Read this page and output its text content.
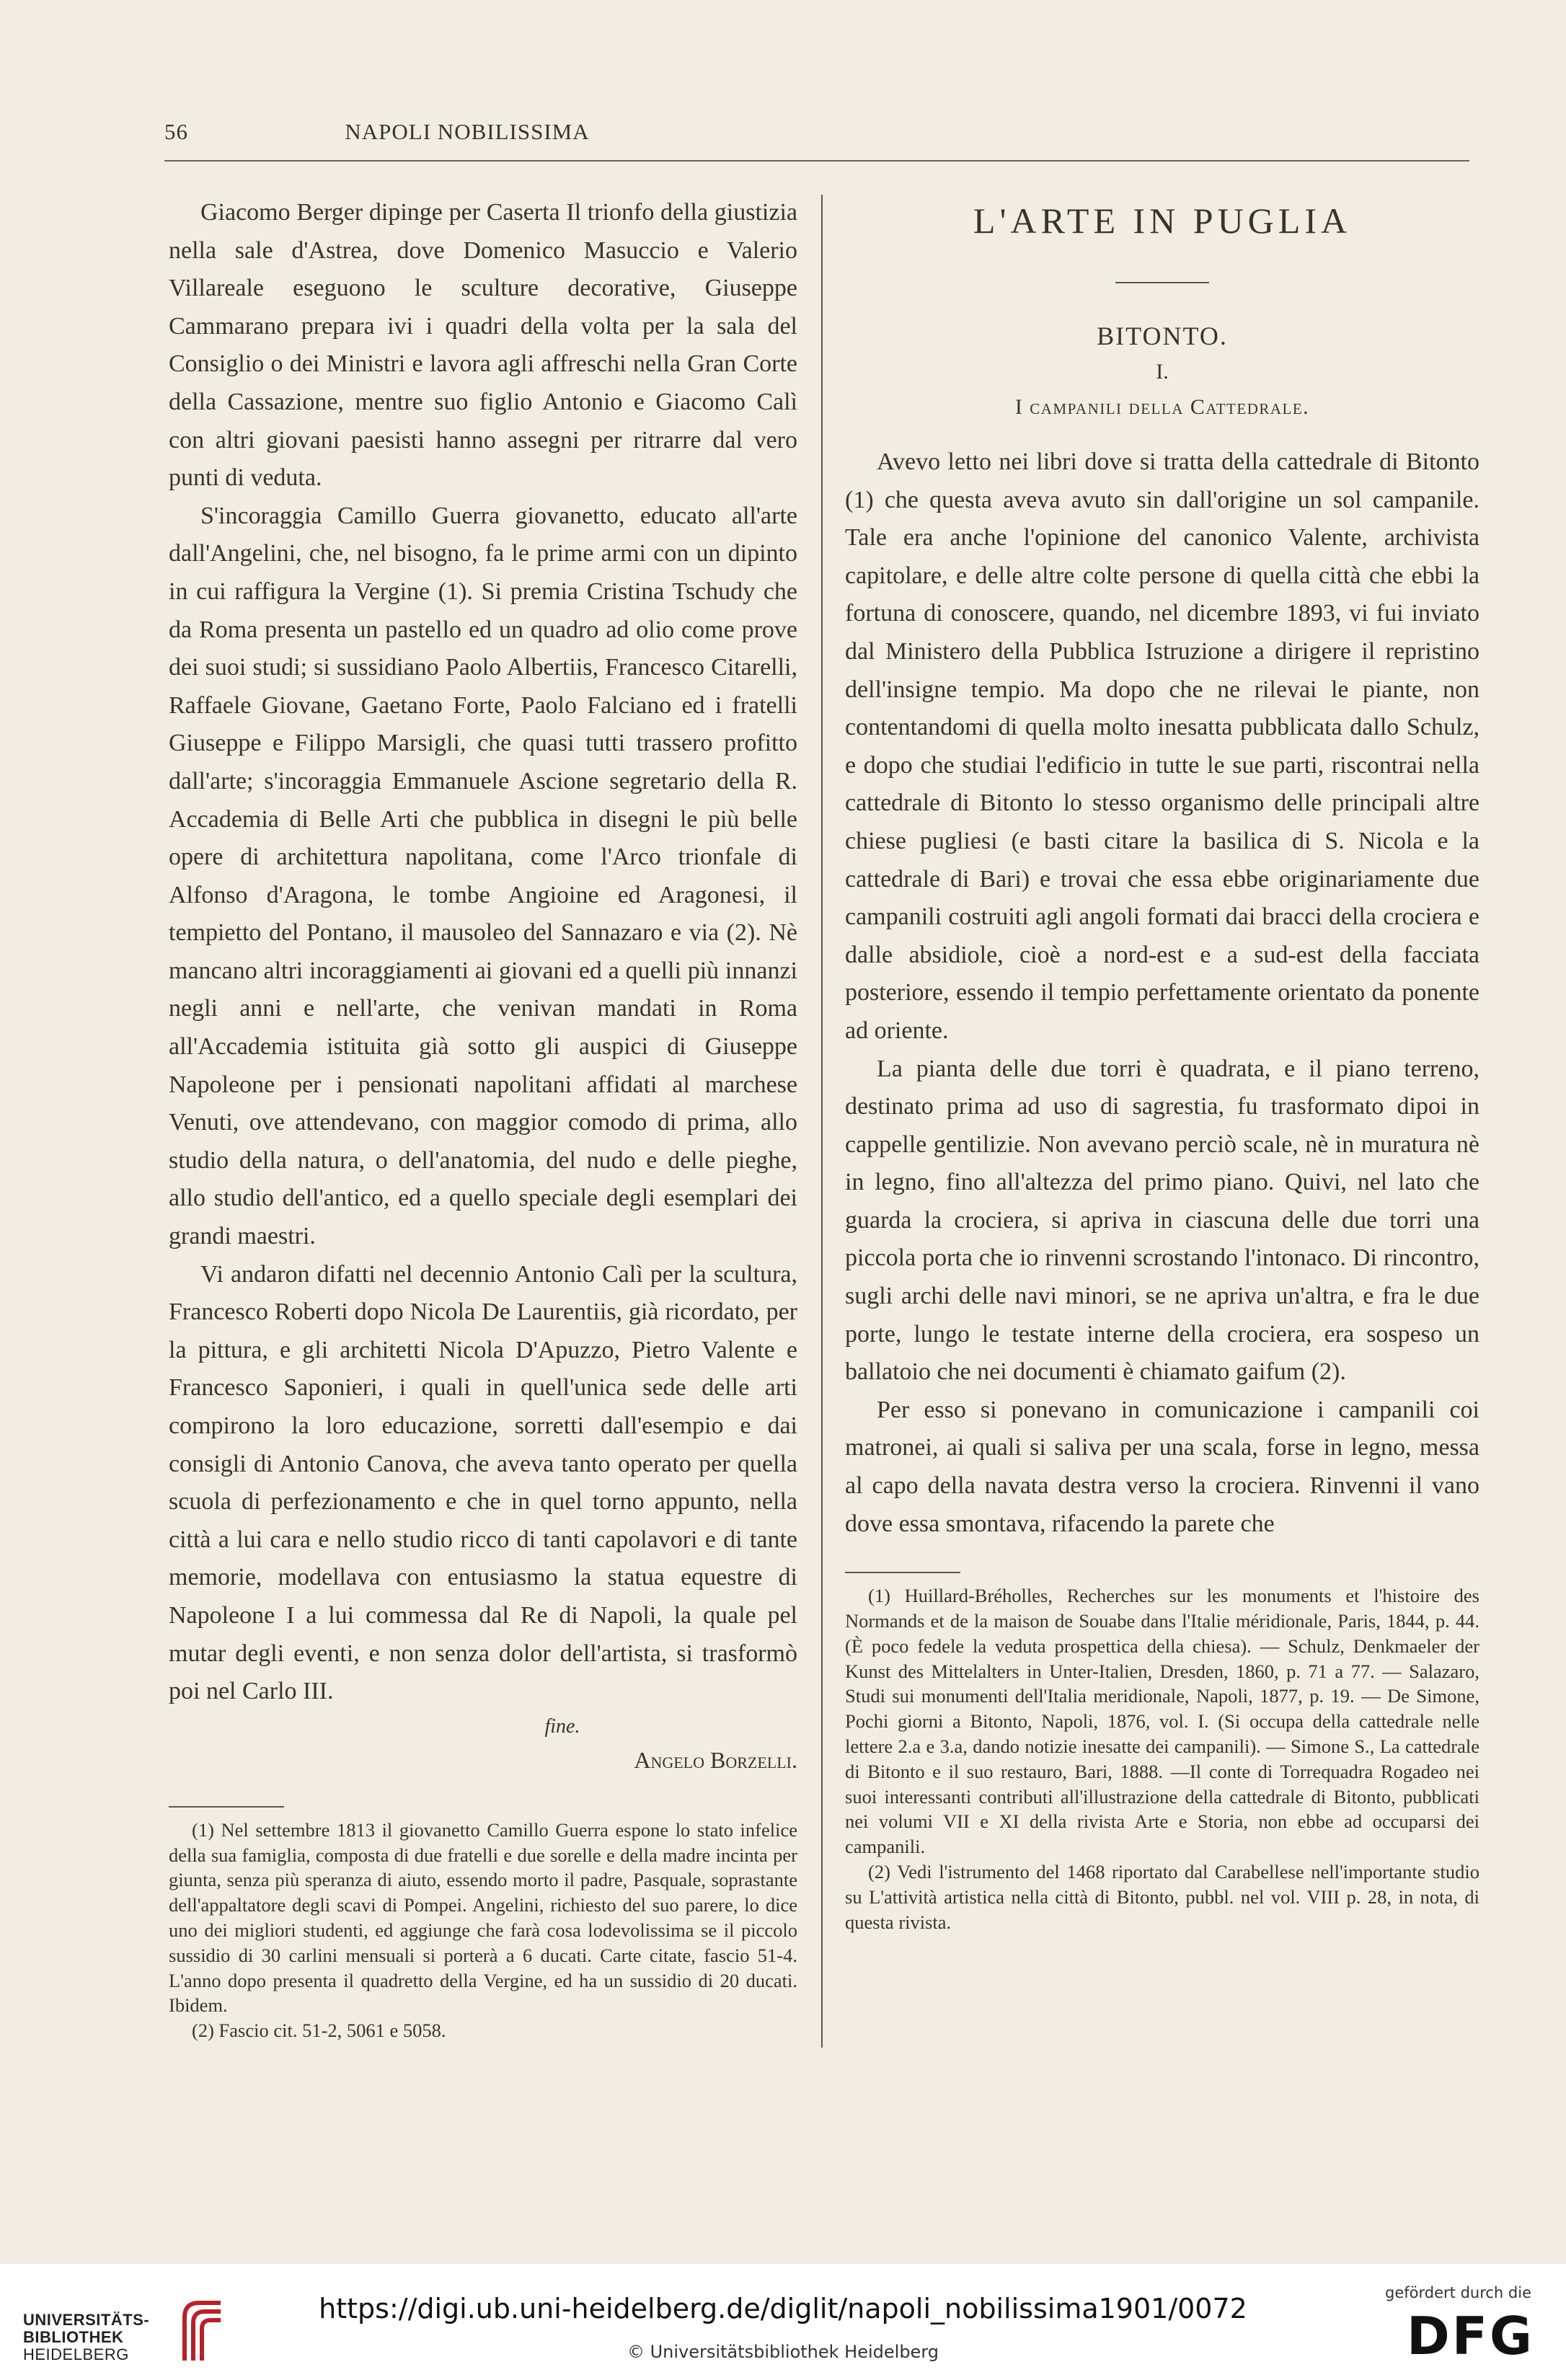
56	NAPOLI NOBILISSIMA

Giacomo Berger dipinge per Caserta Il trionfo della giustizia nella sale d'Astrea, dove Domenico Masuccio e Valerio Villareale eseguono le sculture decorative, Giuseppe Cammarano prepara ivi i quadri della volta per la sala del Consiglio o dei Ministri e lavora agli affreschi nella Gran Corte della Cassazione, mentre suo figlio Antonio e Giacomo Calì con altri giovani paesisti hanno assegni per ritrarre dal vero punti di veduta.

S'incoraggia Camillo Guerra giovanetto, educato all'arte dall'Angelini, che, nel bisogno, fa le prime armi con un dipinto in cui raffigura la Vergine (1). Si premia Cristina Tschudy che da Roma presenta un pastello ed un quadro ad olio come prove dei suoi studi; si sussidiano Paolo Albertiis, Francesco Citarelli, Raffaele Giovane, Gaetano Forte, Paolo Falciano ed i fratelli Giuseppe e Filippo Marsigli, che quasi tutti trassero profitto dall'arte; s'incoraggia Emmanuele Ascione segretario della R. Accademia di Belle Arti che pubblica in disegni le più belle opere di architettura napolitana, come l'Arco trionfale di Alfonso d'Aragona, le tombe Angioine ed Aragonesi, il tempietto del Pontano, il mausoleo del Sannazaro e via (2). Nè mancano altri incoraggiamenti ai giovani ed a quelli più innanzi negli anni e nell'arte, che venivan mandati in Roma all'Accademia istituita già sotto gli auspici di Giuseppe Napoleone per i pensionati napolitani affidati al marchese Venuti, ove attendevano, con maggior comodo di prima, allo studio della natura, o dell'anatomia, del nudo e delle pieghe, allo studio dell'antico, ed a quello speciale degli esemplari dei grandi maestri.

Vi andaron difatti nel decennio Antonio Calì per la scultura, Francesco Roberti dopo Nicola De Laurentiis, già ricordato, per la pittura, e gli architetti Nicola D'Apuzzo, Pietro Valente e Francesco Saponieri, i quali in quell'unica sede delle arti compirono la loro educazione, sorretti dall'esempio e dai consigli di Antonio Canova, che aveva tanto operato per quella scuola di perfezionamento e che in quel torno appunto, nella città a lui cara e nello studio ricco di tanti capolavori e di tante memorie, modellava con entusiasmo la statua equestre di Napoleone I a lui commessa dal Re di Napoli, la quale pel mutar degli eventi, e non senza dolor dell'artista, si trasformò poi nel Carlo III.

fine.
Angelo Borzelli.

(1) Nel settembre 1813 il giovanetto Camillo Guerra espone lo stato infelice della sua famiglia, composta di due fratelli e due sorelle e della madre incinta per giunta, senza più speranza di aiuto, essendo morto il padre, Pasquale, soprastante dell'appaltatore degli scavi di Pompei. Angelini, richiesto del suo parere, lo dice uno dei migliori studenti, ed aggiunge che farà cosa lodevolissima se il piccolo sussidio di 30 carlini mensuali si porterà a 6 ducati. Carte citate, fascio 51-4. L'anno dopo presenta il quadretto della Vergine, ed ha un sussidio di 20 ducati. Ibidem.

(2) Fascio cit. 51-2, 5061 e 5058.

L'ARTE IN PUGLIA
BITONTO.
I.
I campanili della Cattedrale.

Avevo letto nei libri dove si tratta della cattedrale di Bitonto (1) che questa aveva avuto sin dall'origine un sol campanile. Tale era anche l'opinione del canonico Valente, archivista capitolare, e delle altre colte persone di quella città che ebbi la fortuna di conoscere, quando, nel dicembre 1893, vi fui inviato dal Ministero della Pubblica Istruzione a dirigere il repristino dell'insigne tempio. Ma dopo che ne rilevai le piante, non contentandomi di quella molto inesatta pubblicata dallo Schulz, e dopo che studiai l'edificio in tutte le sue parti, riscontrai nella cattedrale di Bitonto lo stesso organismo delle principali altre chiese pugliesi (e basti citare la basilica di S. Nicola e la cattedrale di Bari) e trovai che essa ebbe originariamente due campanili costruiti agli angoli formati dai bracci della crociera e dalle absidiole, cioè a nord-est e a sud-est della facciata posteriore, essendo il tempio perfettamente orientato da ponente ad oriente.

La pianta delle due torri è quadrata, e il piano terreno, destinato prima ad uso di sagrestia, fu trasformato dipoi in cappelle gentilizie. Non avevano perciò scale, nè in muratura nè in legno, fino all'altezza del primo piano. Quivi, nel lato che guarda la crociera, si apriva in ciascuna delle due torri una piccola porta che io rinvenni scrostando l'intonaco. Di rincontro, sugli archi delle navi minori, se ne apriva un'altra, e fra le due porte, lungo le testate interne della crociera, era sospeso un ballatoio che nei documenti è chiamato gaifum (2).

Per esso si ponevano in comunicazione i campanili coi matronei, ai quali si saliva per una scala, forse in legno, messa al capo della navata destra verso la crociera. Rinvenni il vano dove essa smontava, rifacendo la parete che

(1) Huillard-Bréholles, Recherches sur les monuments et l'histoire des Normands et de la maison de Souabe dans l'Italie méridionale, Paris, 1844, p. 44. (È poco fedele la veduta prospettica della chiesa). — Schulz, Denkmaeler der Kunst des Mittelalters in Unter-Italien, Dresden, 1860, p. 71 a 77. — Salazaro, Studi sui monumenti dell'Italia meridionale, Napoli, 1877, p. 19. — De Simone, Pochi giorni a Bitonto, Napoli, 1876, vol. I. (Si occupa della cattedrale nelle lettere 2.a e 3.a, dando notizie inesatte dei campanili). — Simone S., La cattedrale di Bitonto e il suo restauro, Bari, 1888. —Il conte di Torrequadra Rogadeo nei suoi interessanti contributi all'illustrazione della cattedrale di Bitonto, pubblicati nei volumi VII e XI della rivista Arte e Storia, non ebbe ad occuparsi dei campanili.

(2) Vedi l'istrumento del 1468 riportato dal Carabellese nell'importante studio su L'attività artistica nella città di Bitonto, pubbl. nel vol. VIII p. 28, in nota, di questa rivista.

UNIVERSITÄTS-
BIBLIOTHEK
HEIDELBERG
https://digi.ub.uni-heidelberg.de/diglit/napoli_nobilissima1901/0072
© Universitätsbibliothek Heidelberg
gefördert durch die
DFG
